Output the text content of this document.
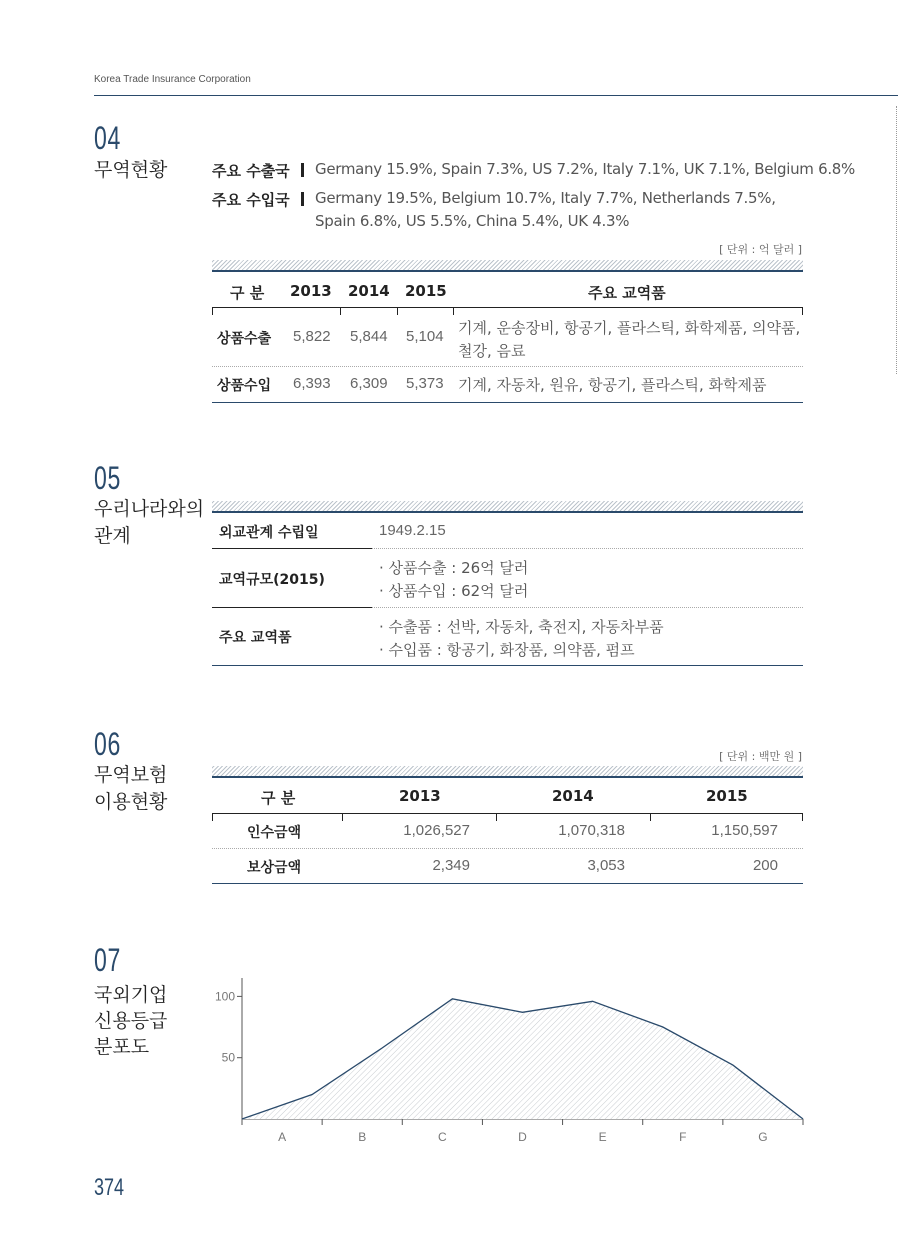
Korea Trade Insurance Corporation
04
무역현황	주요 수출국 Germany 15.9%, Spain 7.3%, US 7.2%, Italy 7.1%, UK 7.1%, Belgium 6.8%
주요 수입국 Germany 19.5%, Belgium 10.7%, Italy 7.7%, Netherlands 7.5%,
Spain 6.8%, US 5.5%, China 5.4%, UK 4.3%
[ 단위 : 억 달러 ]
구 분 2013 2014 2015	주요 교역품
상품수출 5,822 5,844 5,104 기계, 운송장비, 항공기, 플라스틱, 화학제품, 의약품,
철강, 음료
상품수입 6,393 6,309 5,373 기계, 자동차, 원유, 항공기, 플라스틱, 화학제품
05
우리나라와의
관계	외교관계 수립일	1949.2.15
교역규모(2015)
· 상품수출 : 26억 달러
· 상품수입 : 62억 달러
주요 교역품
· 수출품 : 선박, 자동차, 축전지, 자동차부품
· 수입품 : 항공기, 화장품, 의약품, 펌프
06
무역보험
이용현황
[ 단위 : 백만 원 ]
구 분	2013	2014	2015
인수금액	1,026,527	1,070,318	1,150,597
보상금액	2,349	3,053	200
07
국외기업
신용등급
분포도
100
50
A	B	C	D	E	F	G
374
